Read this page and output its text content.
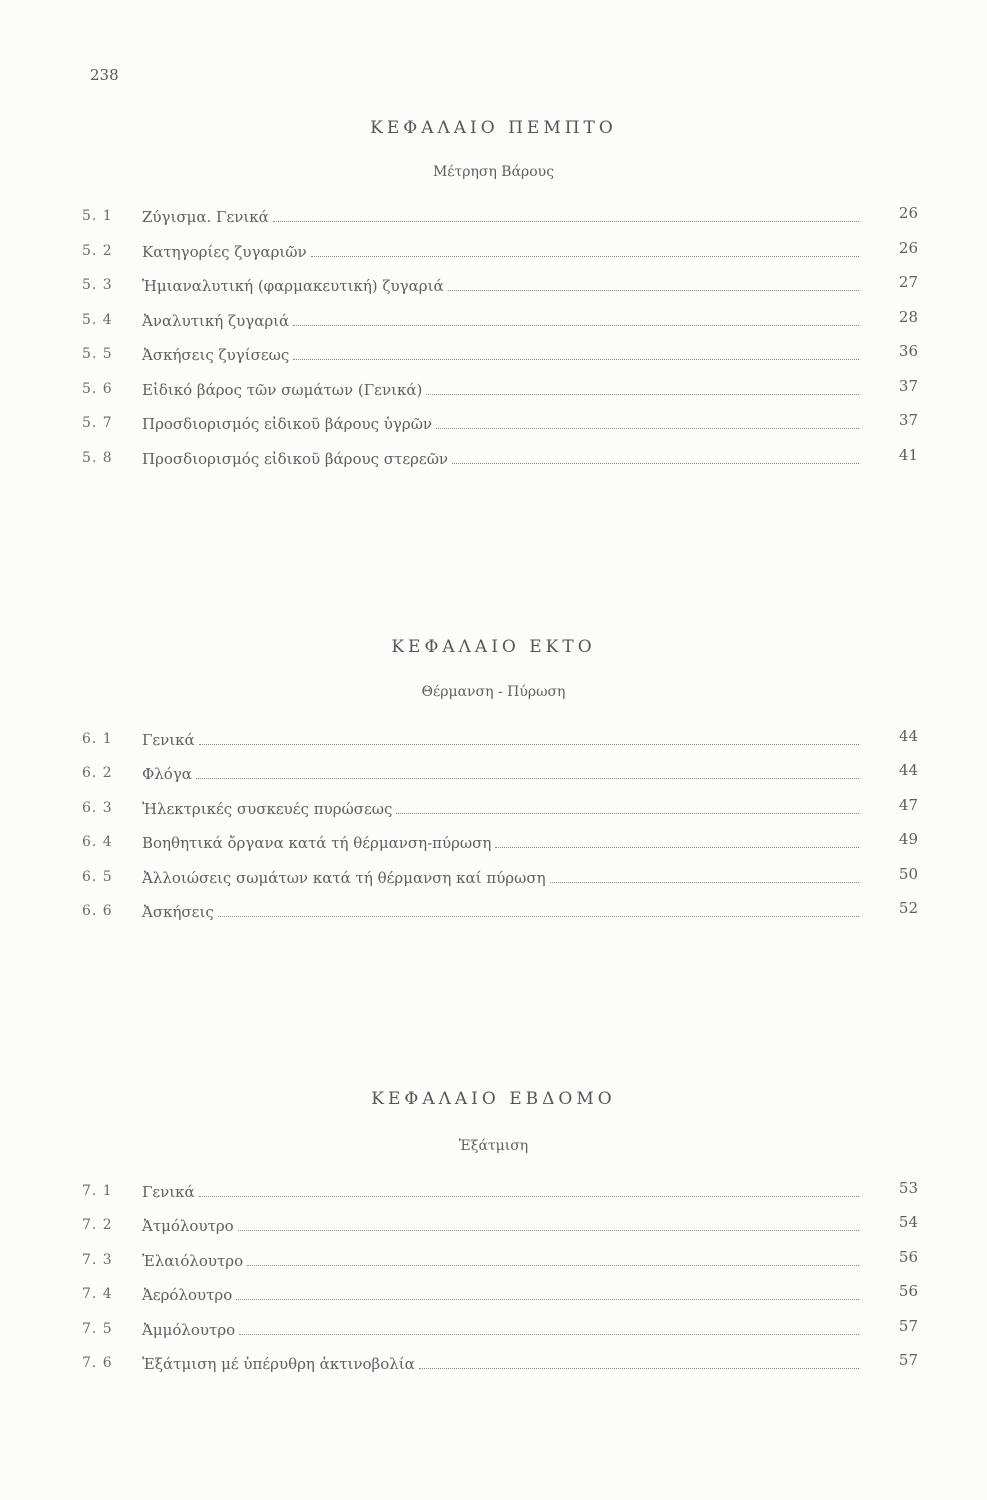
238
ΚΕΦΑΛΑΙΟ ΠΕΜΠΤΟ
Μέτρηση Βάρους
5. 1 Ζύγισμα. Γενικά	26
5. 2 Κατηγορίες ζυγαριῶν	26
5. 3 Ἡμιαναλυτική (φαρμακευτική) ζυγαριά	27
5. 4 Ἀναλυτική ζυγαριά	28
5. 5 Ἀσκήσεις ζυγίσεως	36
5. 6 Εἰδικό βάρος τῶν σωμάτων (Γενικά)	37
5. 7 Προσδιορισμός εἰδικοῦ βάρους ὑγρῶν	37
5. 8 Προσδιορισμός εἰδικοῦ βάρους στερεῶν	41
ΚΕΦΑΛΑΙΟ ΕΚΤΟ
Θέρμανση - Πύρωση
6. 1 Γενικά	44
6. 2 Φλόγα	44
6. 3 Ἠλεκτρικές συσκευές πυρώσεως	47
6. 4 Βοηθητικά ὄργανα κατά τή θέρμανση-πύρωση	49
6. 5 Ἀλλοιώσεις σωμάτων κατά τή θέρμανση καί πύρωση	50
6. 6 Ἀσκήσεις	52
ΚΕΦΑΛΑΙΟ ΕΒΔΟΜΟ
Ἐξάτμιση
7. 1 Γενικά	53
7. 2 Ἀτμόλουτρο	54
7. 3 Ἐλαιόλουτρο	56
7. 4 Ἀερόλουτρο	56
7. 5 Ἀμμόλουτρο	57
7. 6 Ἐξάτμιση μέ ὑπέρυθρη ἀκτινοβολία	57
